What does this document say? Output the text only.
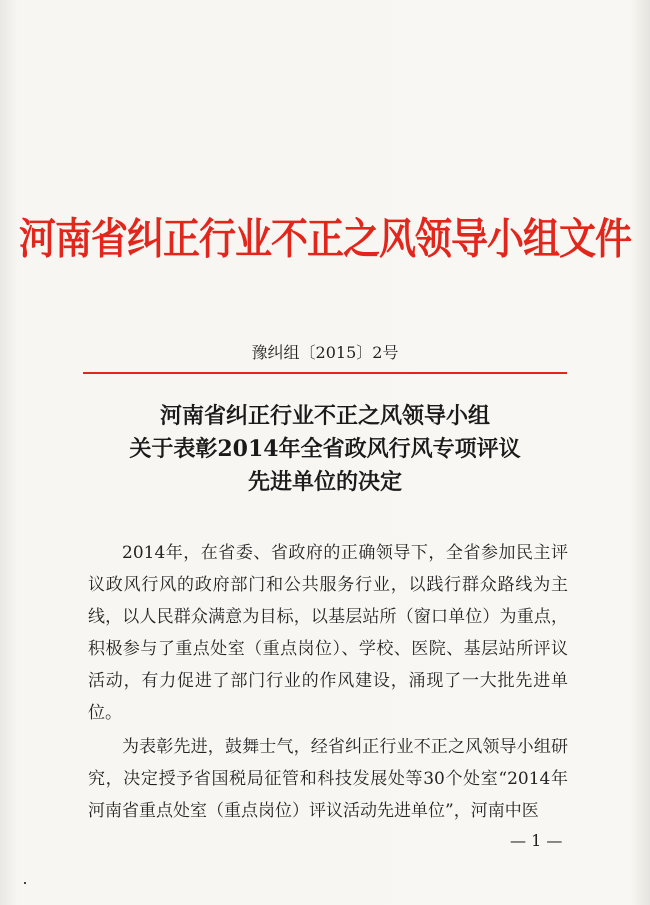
河南省纠正行业不正之风领导小组文件
豫纠组〔2015〕2号
河南省纠正行业不正之风领导小组
关于表彰2014年全省政风行风专项评议
先进单位的决定

2014年，在省委、省政府的正确领导下，全省参加民主评议政风行风的政府部门和公共服务行业，以践行群众路线为主线，以人民群众满意为目标，以基层站所（窗口单位）为重点，积极参与了重点处室（重点岗位）、学校、医院、基层站所评议活动，有力促进了部门行业的作风建设，涌现了一大批先进单位。

为表彰先进，鼓舞士气，经省纠正行业不正之风领导小组研究，决定授予省国税局征管和科技发展处等30个处室“2014年河南省重点处室（重点岗位）评议活动先进单位”，河南中医

— 1 —
